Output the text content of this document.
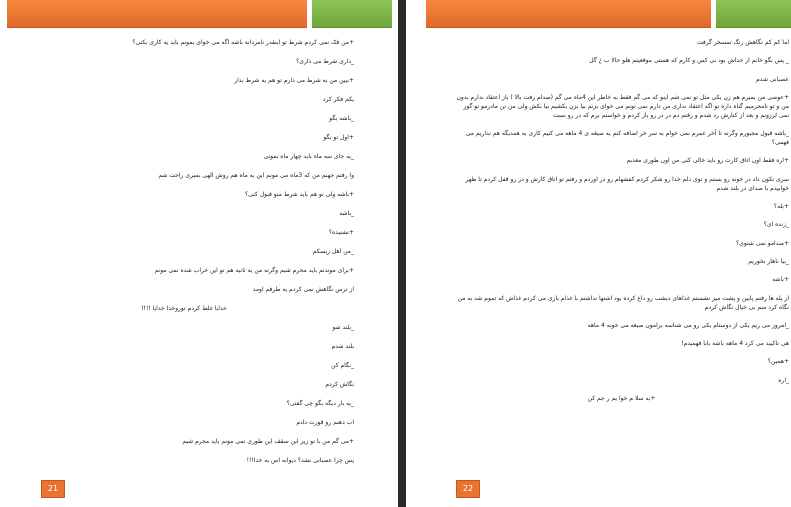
+من فک نمی کردم شرط تو اینقدر نامردانه باشه اگه می خوای بمونم باید یه کاری بکنی؟

_داری شرط می ذاری؟

+ببین من نه شرط می ذارم تو هم یه شرط بذار

یکم فکر کرد

_باشه بگو

+اول تو بگو

_یه جای سه ماه باید چهار ماه بمونی

وا رفتم جهنم من که 3ماه می مونم این یه ماه هم روش الهی بمیری راحت شم

+باشه ولی تو هم باید شرط منو قبول کنی؟

_باشه

+نشنیده؟

_من اهل زیسکم

+برای موندنم باید محرم شیم وگرنه من یه ثانیه هم تو این خراب شده نمی مونم

از ترس نگاهش نمی کردم یه طرفم اومد

خدایا غلط کردم توروخدا خدایا !!!!

_بلند شو

بلند شدم

_نگام کن

نگاش کردم

_یه بار دیگه بگو چی گفتی؟

اب دهنم رو قورت دادم

+می گم من با تو زیر این سقف این طوری نمی مونم باید محرم شیم

پس چرا عصبانی نشد؟ دیوانه اس به خدا!!!

21

اما کم کم نگاهش رنگ تمسخر گرفت

_ پس بگو خانم از خداش بود بی کس و کارم که هستی موقعیتم هلو حالا ب ¿ گل

عصبانی شدم

+عوضی من بمیرم هم زن یکی مثل تو نمی شم اینو که می گم فقط به خاطر این 4ماه می گم (صدام رفت بالا ) باز اعتقاد ندارم بدون من و تو نامحرمیم گناه داره تو اگه اعتقاد نداری من دارم نمی تونم می خوای بزنم بیا بزن بکشیم بیا بکش ولی من تن مادرمو تو گور نمی لرزونم و بعد از کنارش رد شدم و رفتم دم در در رو باز کردم و خواستم برم که در رو بست

_باشه قبول مجبورم وگرنه تا آخر عمرم نمی خوام به سر خر اضافه کنم یه صیغه ی 4 ماهه می کنیم کاری به همدیگه هم نداریم می فهمی؟

+اره فقط اون اتاق کارت رو باید خالی کنی من اون طوری معذبم

سری تکون داد در خونه رو بستم و توی دلم خدا رو شکر کردم کفشهام رو در اوردم و رفتم تو اتاق کارش و در رو قفل کردم تا ظهر خوابیدم با صدای در بلند شدم

+بله؟

_زنده ای؟

+صدامو نمی شنوی؟

_بیا ناهار بخوریم

+باشه

از پله ها رفتم پایین و پشت میز نشستم غذاهای دیشب رو داغ کرده بود اشتها نداشتم با غذام بازی می کردم غذاش که تموم شد به من نگاه کرد منم بی خیال نگاش کردم

_امروز می ریم یکی از دوستام یکی رو می شناسه برامون صیغه می خونه 4 ماهه

هی تاکیید می کرد 4 ماهه باشه بابا فهمیدم!

+همین؟

_اره

+به سلا م خوا یم ر جم کن

22
